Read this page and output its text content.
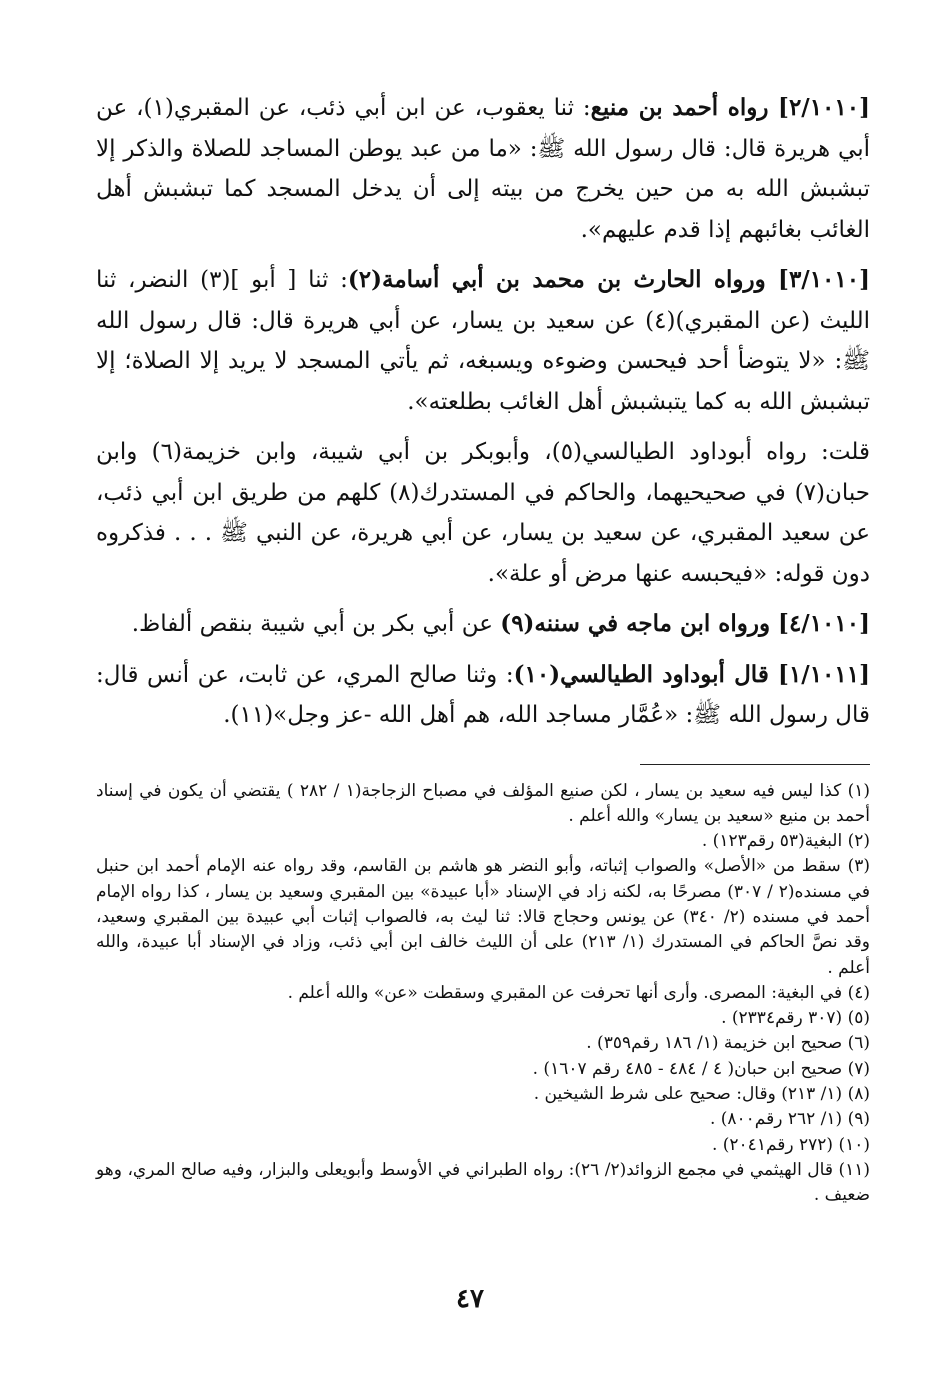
[٢/١٠١٠] رواه أحمد بن منيع: ثنا يعقوب، عن ابن أبي ذئب، عن المقبري(١)، عن أبي هريرة قال: قال رسول الله ﷺ: «ما من عبد يوطن المساجد للصلاة والذكر إلا تبشبش الله به من حين يخرج من بيته إلى أن يدخل المسجد كما تبشبش أهل الغائب بغائبهم إذا قدم عليهم».

[٣/١٠١٠] ورواه الحارث بن محمد بن أبي أسامة(٢): ثنا [ أبو ](٣) النضر، ثنا الليث (عن المقبري)(٤) عن سعيد بن يسار، عن أبي هريرة قال: قال رسول الله ﷺ: «لا يتوضأ أحد فيحسن وضوءه ويسبغه، ثم يأتي المسجد لا يريد إلا الصلاة؛ إلا تبشبش الله به كما يتبشبش أهل الغائب بطلعته».

قلت: رواه أبوداود الطيالسي(٥)، وأبوبكر بن أبي شيبة، وابن خزيمة(٦) وابن حبان(٧) في صحيحيهما، والحاكم في المستدرك(٨) كلهم من طريق ابن أبي ذئب، عن سعيد المقبري، عن سعيد بن يسار، عن أبي هريرة، عن النبي ﷺ . . . فذكروه دون قوله: «فيحبسه عنها مرض أو علة».

[٤/١٠١٠] ورواه ابن ماجه في سننه(٩) عن أبي بكر بن أبي شيبة بنقص ألفاظ.

[١/١٠١١] قال أبوداود الطيالسي(١٠): وثنا صالح المري، عن ثابت، عن أنس قال: قال رسول الله ﷺ: «عُمَّار مساجد الله، هم أهل الله -عز وجل»(١١).

(١) كذا ليس فيه سعيد بن يسار ، لكن صنيع المؤلف في مصباح الزجاجة(١ / ٢٨٢ ) يقتضي أن يكون في إسناد أحمد بن منيع «سعيد بن يسار» والله أعلم .
(٢) البغية(٥٣ رقم١٢٣) .
(٣) سقط من «الأصل» والصواب إثباته، وأبو النضر هو هاشم بن القاسم، وقد رواه عنه الإمام أحمد ابن حنبل في مسنده(٢ / ٣٠٧) مصرحًا به، لكنه زاد في الإسناد «أبا عبيدة» بين المقبري وسعيد بن يسار ، كذا رواه الإمام أحمد في مسنده (٢/ ٣٤٠) عن يونس وحجاج قالا: ثنا ليث به، فالصواب إثبات أبي عبيدة بين المقبري وسعيد، وقد نصَّ الحاكم في المستدرك (١/ ٢١٣) على أن الليث خالف ابن أبي ذئب، وزاد في الإسناد أبا عبيدة، والله أعلم .
(٤) في البغية: المصرى. وأرى أنها تحرفت عن المقبري وسقطت «عن» والله أعلم .
(٥) (٣٠٧ رقم٢٣٣٤) .
(٦) صحيح ابن خزيمة (١/ ١٨٦ رقم٣٥٩) .
(٧) صحيح ابن حبان( ٤ / ٤٨٤ - ٤٨٥ رقم ١٦٠٧) .
(٨) (١/ ٢١٣) وقال: صحيح على شرط الشيخين .
(٩) (١/ ٢٦٢ رقم٨٠٠) .
(١٠) (٢٧٢ رقم٢٠٤١) .
(١١) قال الهيثمي في مجمع الزوائد(٢/ ٢٦): رواه الطبراني في الأوسط وأبويعلى والبزار، وفيه صالح المري، وهو ضعيف .
٤٧
